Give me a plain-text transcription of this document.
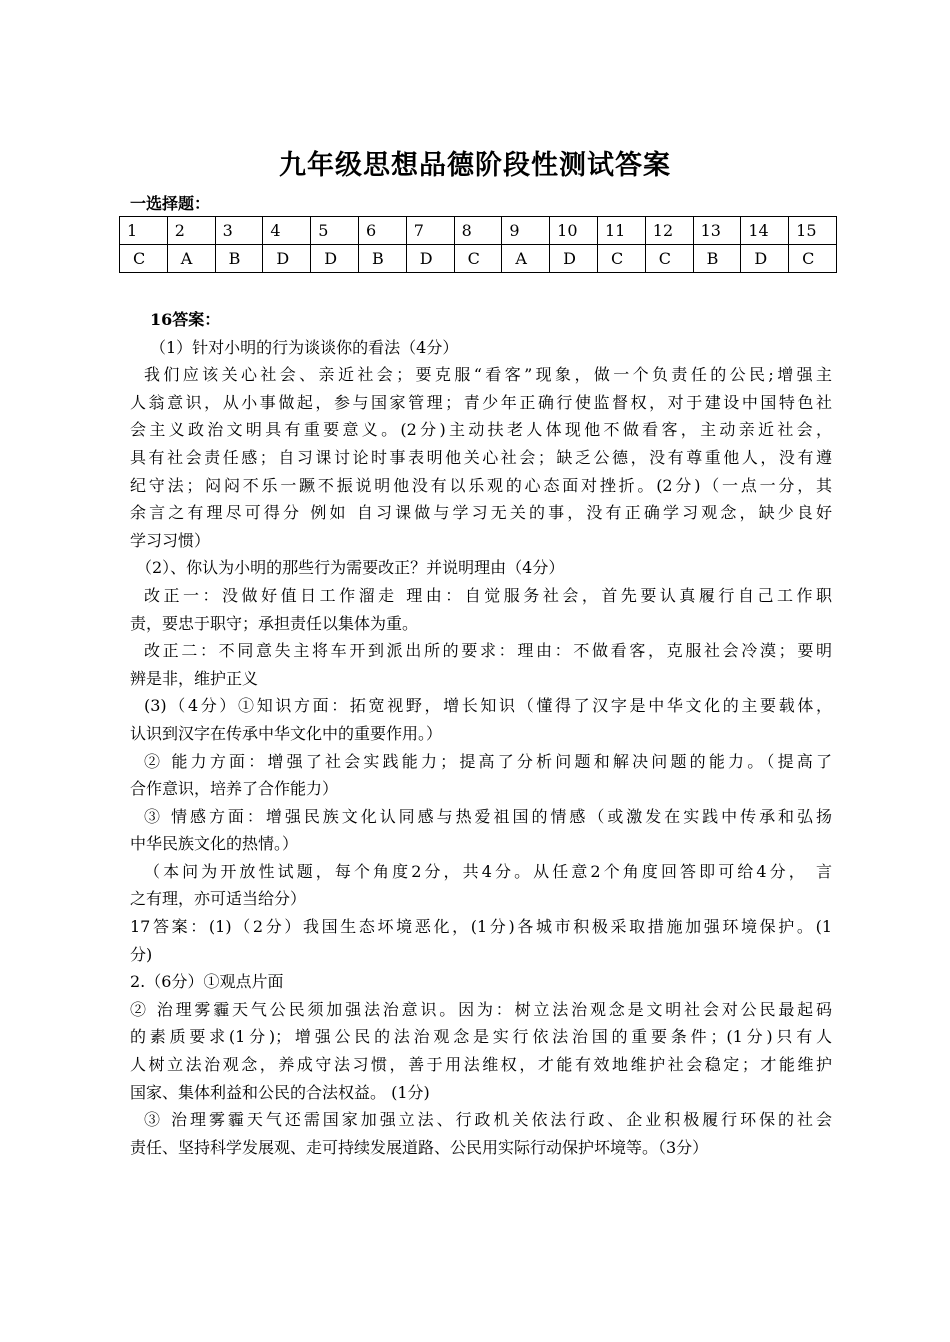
九年级思想品德阶段性测试答案
一选择题：
1	2	3	4	5	6	7	8	9	10	11	12	13	14	15
C	A	B	D	D	B	D	C	A	D	C	C	B	D	C
16答案：
（1）针对小明的行为谈谈你的看法（4分）
我们应该关心社会、亲近社会；要克服“看客”现象，做一个负责任的公民;增强主
人翁意识，从小事做起，参与国家管理；青少年正确行使监督权，对于建设中国特色社
会主义政治文明具有重要意义。(2分)主动扶老人体现他不做看客，主动亲近社会，
具有社会责任感；自习课讨论时事表明他关心社会；缺乏公德，没有尊重他人，没有遵
纪守法；闷闷不乐一蹶不振说明他没有以乐观的心态面对挫折。(2分)（一点一分，其
余言之有理尽可得分 例如 自习课做与学习无关的事，没有正确学习观念，缺少良好
学习习惯）
（2）、你认为小明的那些行为需要改正？并说明理由（4分）
改正一：没做好值日工作溜走 理由：自觉服务社会，首先要认真履行自己工作职
责，要忠于职守；承担责任以集体为重。
改正二：不同意失主将车开到派出所的要求：理由：不做看客，克服社会冷漠；要明
辨是非，维护正义
(3)（4分）①知识方面：拓宽视野，增长知识（懂得了汉字是中华文化的主要载体，
认识到汉字在传承中华文化中的重要作用。）
② 能力方面：增强了社会实践能力；提高了分析问题和解决问题的能力。（提高了
合作意识，培养了合作能力）
③ 情感方面：增强民族文化认同感与热爱祖国的情感（或激发在实践中传承和弘扬
中华民族文化的热情。）
（本问为开放性试题，每个角度2分，共4分。从任意2个角度回答即可给4分， 言
之有理，亦可适当给分）
17答案：(1)（2分）我国生态坏境恶化，(1分)各城市积极采取措施加强环境保护。(1
分)
2.（6分）①观点片面
② 治理雾霾天气公民须加强法治意识。因为：树立法治观念是文明社会对公民最起码
的素质要求(1分)；增强公民的法治观念是实行依法治国的重要条件；(1分)只有人
人树立法治观念，养成守法习惯，善于用法维权，才能有效地维护社会稳定；才能维护
国家、集体利益和公民的合法权益。 (1分)
③ 治理雾霾天气还需国家加强立法、行政机关依法行政、企业积极履行环保的社会
责任、坚持科学发展观、走可持续发展道路、公民用实际行动保护坏境等。（3分）
